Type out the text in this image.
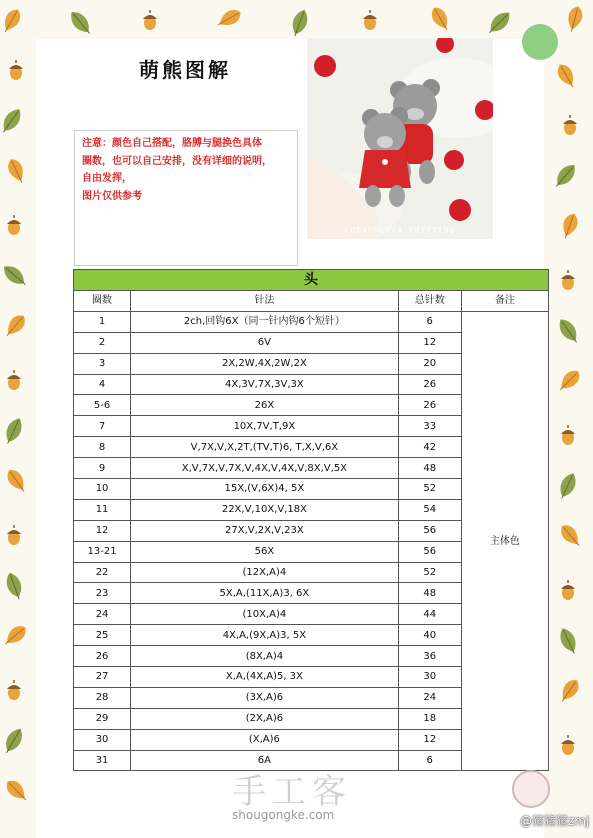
萌熊图解
注意：颜色自己搭配，胳膊与腿换色具体
圈数，也可以自己安排，没有详细的说明，
自由发挥，
图片仅供参考
LUDAORLOVA_KNITTING
头			
圈数	针法	总针数	备注
1	2ch,回钩6X（同一针内钩6个短针）	6	主体色
2	6V	12	
3	2X,2W,4X,2W,2X	20	
4	4X,3V,7X,3V,3X	26	
5-6	26X	26	
7	10X,7V,T,9X	33	
8	V,7X,V,X,2T,(TV,T)6, T,X,V,6X	42	
9	X,V,7X,V,7X,V,4X,V,4X,V,8X,V,5X	48	
10	15X,(V,6X)4, 5X	52	
11	22X,V,10X,V,18X	54	
12	27X,V,2X,V,23X	56	
13-21	56X	56	
22	(12X,A)4	52	
23	5X,A,(11X,A)3, 6X	48	
24	(10X,A)4	44	
25	4X,A,(9X,A)3, 5X	40	
26	(8X,A)4	36	
27	X,A,(4X,A)5, 3X	30	
28	(3X,A)6	24	
29	(2X,A)6	18	
30	(X,A)6	12	
31	6A	6	
手工客
shougongke.com	@猪猪猪zmj
